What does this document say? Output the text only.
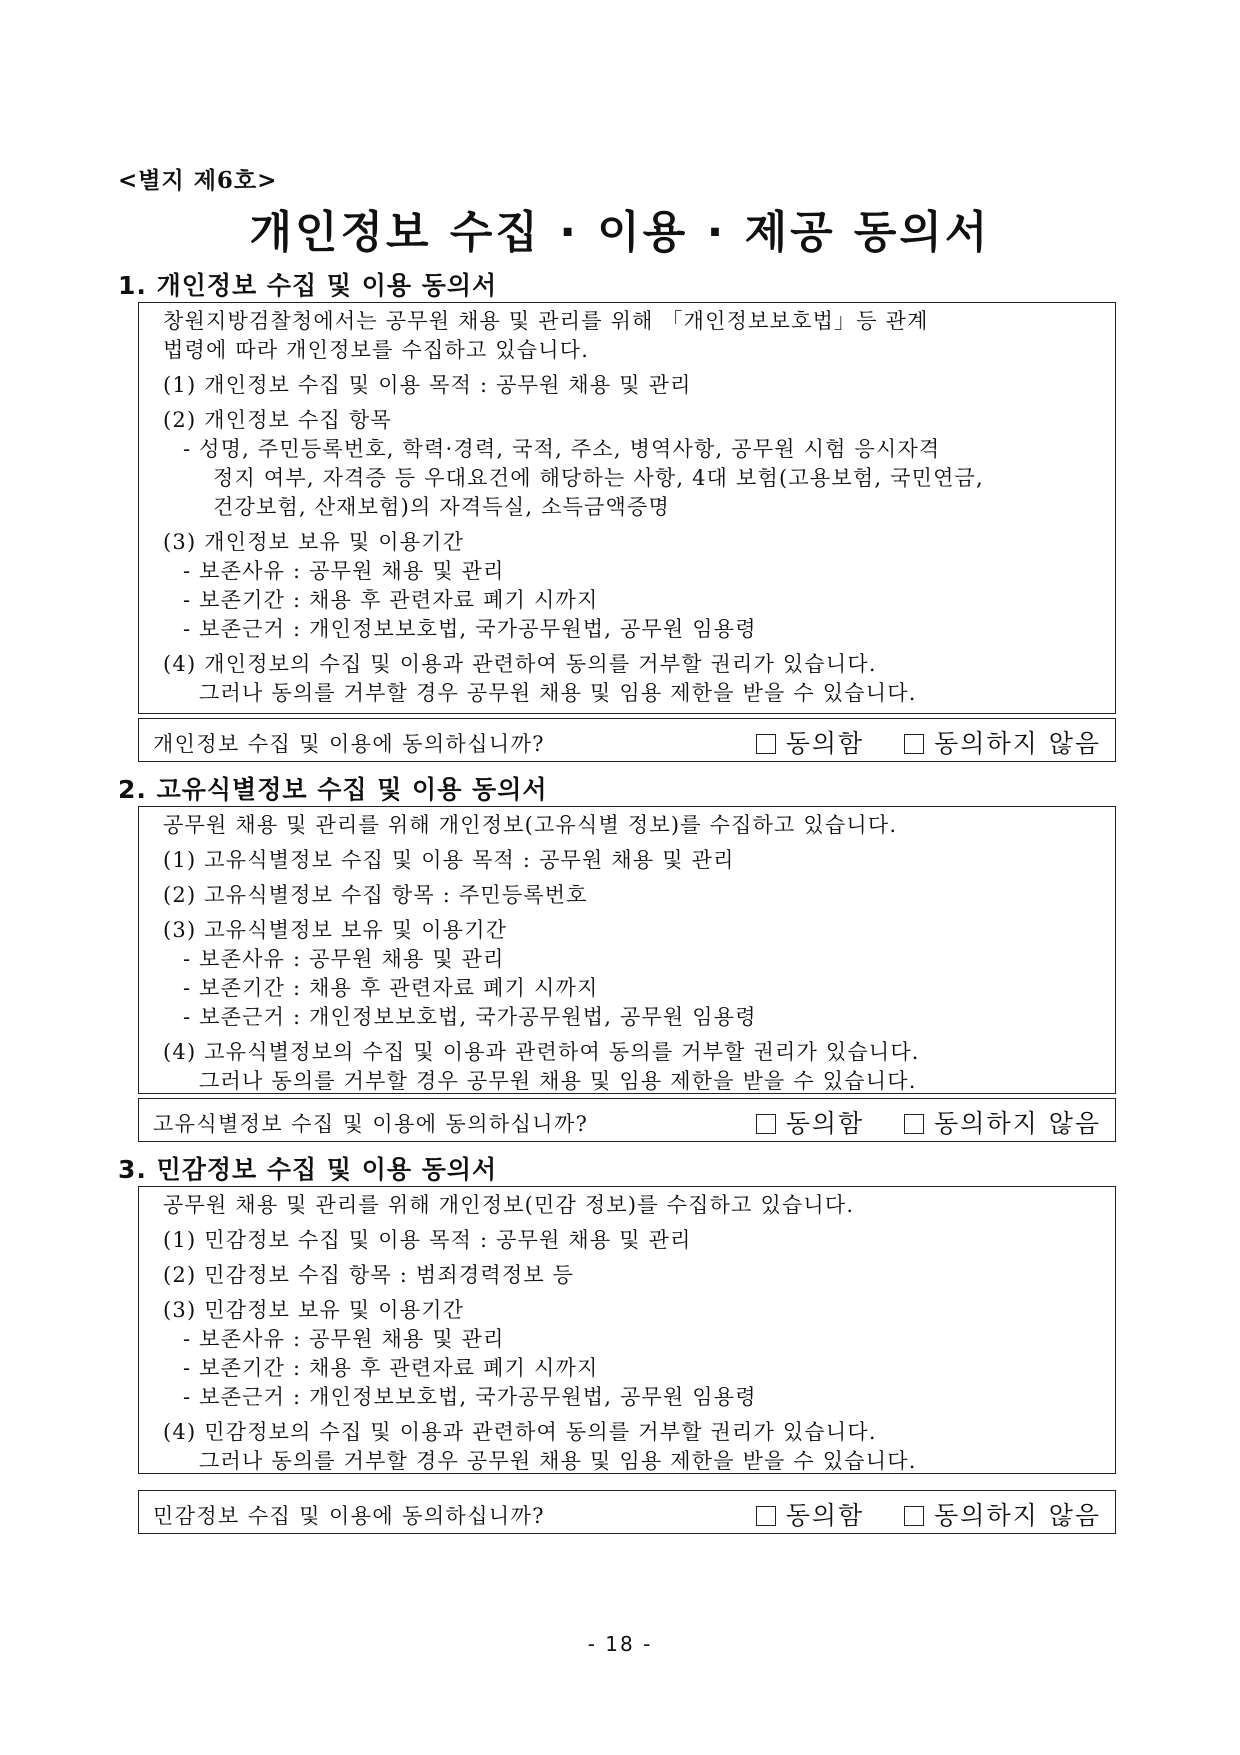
<별지 제6호>
개인정보 수집 · 이용 · 제공 동의서
1. 개인정보 수집 및 이용 동의서

창원지방검찰청에서는 공무원 채용 및 관리를 위해 「개인정보보호법」등 관계

법령에 따라 개인정보를 수집하고 있습니다.

(1) 개인정보 수집 및 이용 목적 : 공무원 채용 및 관리

(2) 개인정보 수집 항목

- 성명, 주민등록번호, 학력·경력, 국적, 주소, 병역사항, 공무원 시험 응시자격

정지 여부, 자격증 등 우대요건에 해당하는 사항, 4대 보험(고용보험, 국민연금,

건강보험, 산재보험)의 자격득실, 소득금액증명

(3) 개인정보 보유 및 이용기간

- 보존사유 : 공무원 채용 및 관리

- 보존기간 : 채용 후 관련자료 폐기 시까지

- 보존근거 : 개인정보보호법, 국가공무원법, 공무원 임용령

(4) 개인정보의 수집 및 이용과 관련하여 동의를 거부할 권리가 있습니다.

그러나 동의를 거부할 경우 공무원 채용 및 임용 제한을 받을 수 있습니다.

개인정보 수집 및 이용에 동의하십니까?	동의함	동의하지 않음
2. 고유식별정보 수집 및 이용 동의서

공무원 채용 및 관리를 위해 개인정보(고유식별 정보)를 수집하고 있습니다.

(1) 고유식별정보 수집 및 이용 목적 : 공무원 채용 및 관리

(2) 고유식별정보 수집 항목 : 주민등록번호

(3) 고유식별정보 보유 및 이용기간

- 보존사유 : 공무원 채용 및 관리

- 보존기간 : 채용 후 관련자료 폐기 시까지

- 보존근거 : 개인정보보호법, 국가공무원법, 공무원 임용령

(4) 고유식별정보의 수집 및 이용과 관련하여 동의를 거부할 권리가 있습니다.

그러나 동의를 거부할 경우 공무원 채용 및 임용 제한을 받을 수 있습니다.

고유식별정보 수집 및 이용에 동의하십니까?	동의함	동의하지 않음
3. 민감정보 수집 및 이용 동의서

공무원 채용 및 관리를 위해 개인정보(민감 정보)를 수집하고 있습니다.

(1) 민감정보 수집 및 이용 목적 : 공무원 채용 및 관리

(2) 민감정보 수집 항목 : 범죄경력정보 등

(3) 민감정보 보유 및 이용기간

- 보존사유 : 공무원 채용 및 관리

- 보존기간 : 채용 후 관련자료 폐기 시까지

- 보존근거 : 개인정보보호법, 국가공무원법, 공무원 임용령

(4) 민감정보의 수집 및 이용과 관련하여 동의를 거부할 권리가 있습니다.

그러나 동의를 거부할 경우 공무원 채용 및 임용 제한을 받을 수 있습니다.

민감정보 수집 및 이용에 동의하십니까?	동의함	동의하지 않음
- 18 -
